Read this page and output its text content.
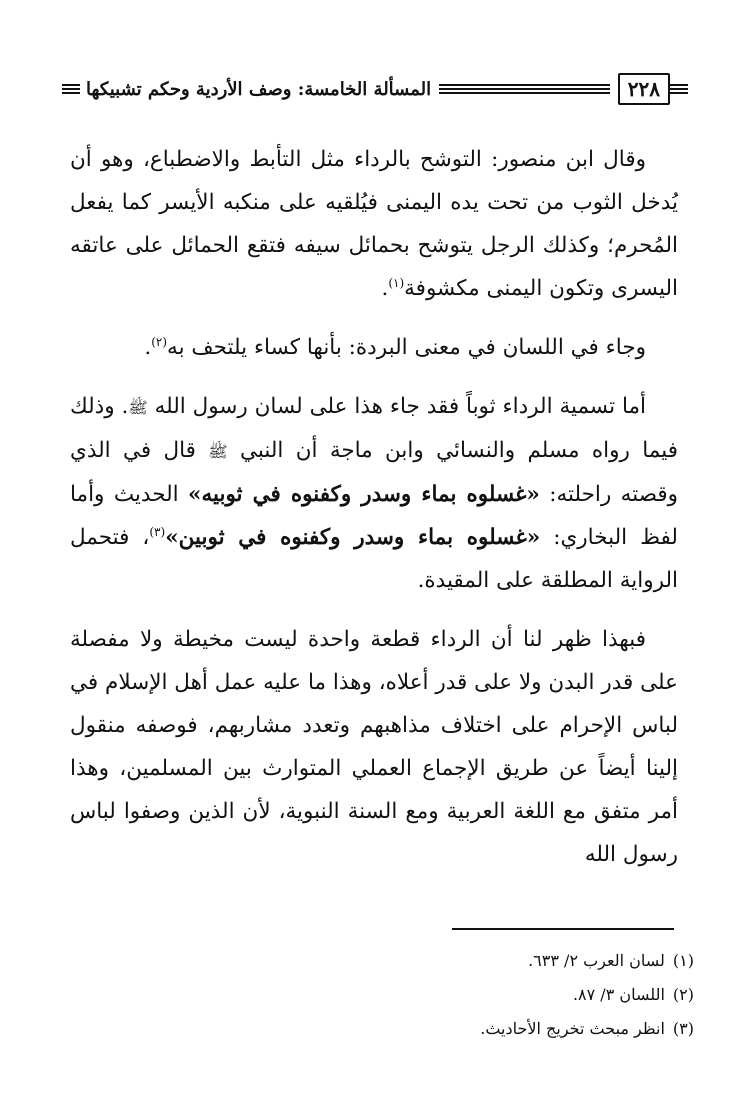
٢٢٨
المسألة الخامسة: وصف الأردية وحكم تشبيكها

وقال ابن منصور: التوشح بالرداء مثل التأبط والاضطباع، وهو أن يُدخل الثوب من تحت يده اليمنى فيُلقيه على منكبه الأيسر كما يفعل المُحرم؛ وكذلك الرجل يتوشح بحمائل سيفه فتقع الحمائل على عاتقه اليسرى وتكون اليمنى مكشوفة$^{(١)}$.

وجاء في اللسان في معنى البردة: بأنها كساء يلتحف به$^{(٢)}$.

أما تسمية الرداء ثوباً فقد جاء هذا على لسان رسول الله ﷺ. وذلك فيما رواه مسلم والنسائي وابن ماجة أن النبي ﷺ قال في الذي وقصته راحلته: «غسلوه بماء وسدر وكفنوه في ثوبيه» الحديث وأما لفظ البخاري: «غسلوه بماء وسدر وكفنوه في ثوبين»$^{(٣)}$، فتحمل الرواية المطلقة على المقيدة.

فبهذا ظهر لنا أن الرداء قطعة واحدة ليست مخيطة ولا مفصلة على قدر البدن ولا على قدر أعلاه، وهذا ما عليه عمل أهل الإسلام في لباس الإحرام على اختلاف مذاهبهم وتعدد مشاربهم، فوصفه منقول إلينا أيضاً عن طريق الإجماع العملي المتوارث بين المسلمين، وهذا أمر متفق مع اللغة العربية ومع السنة النبوية، لأن الذين وصفوا لباس رسول الله

(١)لسان العرب ٢/ ٦٣٣.
(٢)اللسان ٣/ ٨٧.
(٣)انظر مبحث تخريج الأحاديث.
